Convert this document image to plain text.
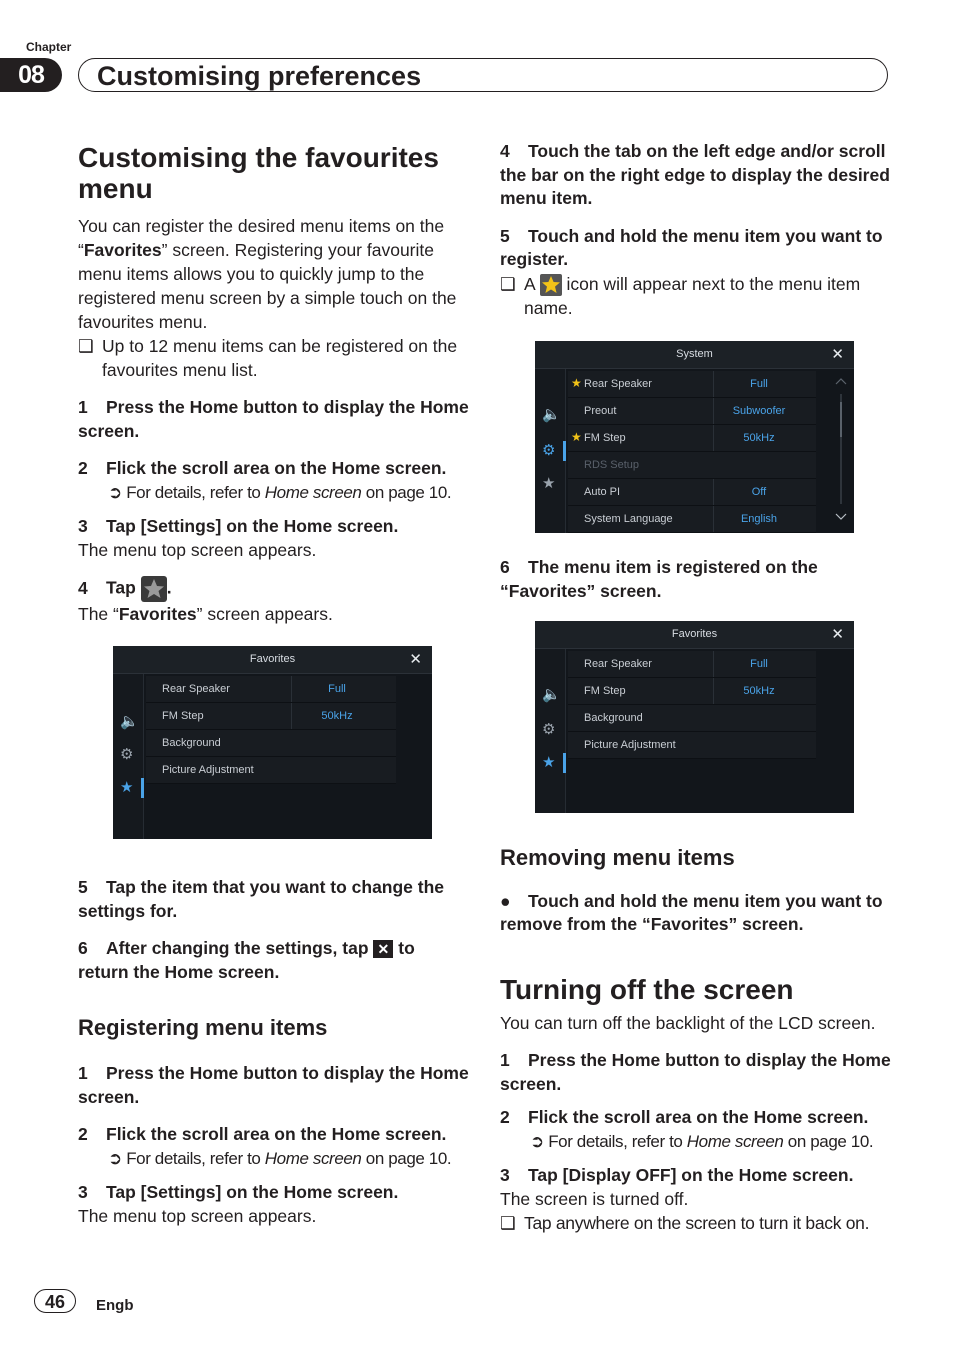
Chapter
08	Customising preferences
Customising the favourites menu

You can register the desired menu items on the “Favorites” screen. Registering your favourite menu items allows you to quickly jump to the registered menu screen by a simple touch on the favourites menu.

❑ Up to 12 menu items can be registered on the favourites menu list.

1 Press the Home button to display the Home screen.

2 Flick the scroll area on the Home screen.

➲ For details, refer to Home screen on page 10.

3 Tap [Settings] on the Home screen.

The menu top screen appears.

4 Tap .

The “Favorites” screen appears.

Favorites	✕
🔈
⚙
★
Rear Speaker	Full
FM Step	50kHz
Background
Picture Adjustment

5 Tap the item that you want to change the settings for.

6 After changing the settings, tap ✕ to return the Home screen.

Registering menu items

1 Press the Home button to display the Home screen.

2 Flick the scroll area on the Home screen.

➲ For details, refer to Home screen on page 10.

3 Tap [Settings] on the Home screen.

The menu top screen appears.

4 Touch the tab on the left edge and/or scroll the bar on the right edge to display the desired menu item.

5 Touch and hold the menu item you want to register.

❑ A icon will appear next to the menu item name.
System	✕
🔈
⚙
★
★ Rear Speaker	Full
Preout	Subwoofer
★ FM Step	50kHz
RDS Setup
Auto PI	Off
System Language	English

6 The menu item is registered on the “Favorites” screen.

Favorites	✕
🔈
⚙
★
Rear Speaker	Full
FM Step	50kHz
Background
Picture Adjustment
Removing menu items

● Touch and hold the menu item you want to remove from the “Favorites” screen.

Turning off the screen

You can turn off the backlight of the LCD screen.

1 Press the Home button to display the Home screen.

2 Flick the scroll area on the Home screen.

➲ For details, refer to Home screen on page 10.

3 Tap [Display OFF] on the Home screen.

The screen is turned off.

❑ Tap anywhere on the screen to turn it back on.
46	Engb
